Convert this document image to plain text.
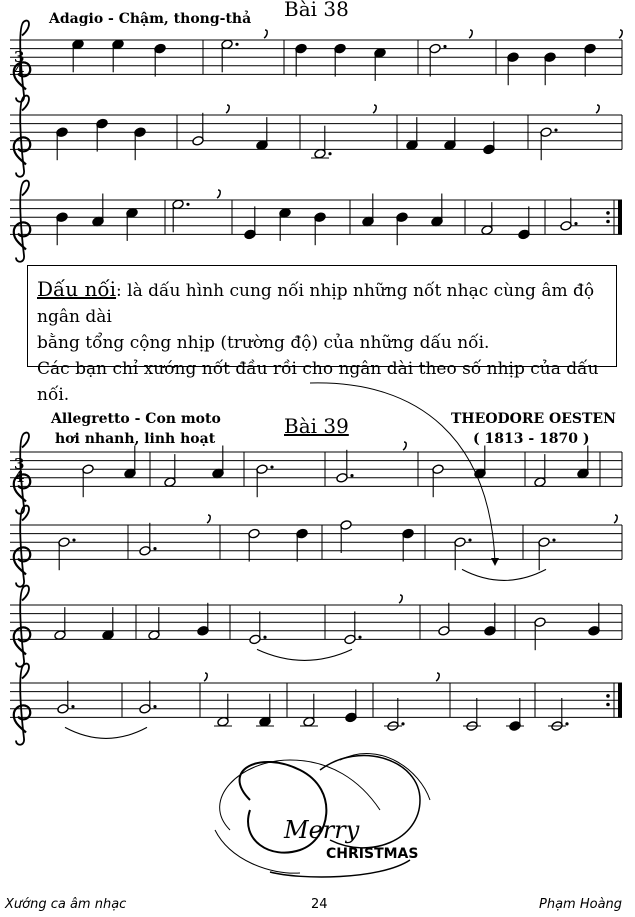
Adagio - Chậm, thong-thả Bài 38
Allegretto - Con moto
hơi nhanh, linh hoạt
Bài 39	THEODORE OESTEN
( 1813 - 1870 )
Dấu nối: là dấu hình cung nối nhịp những nốt nhạc cùng âm độ ngân dài
bằng tổng cộng nhịp (trường độ) của những dấu nối.
Các bạn chỉ xướng nốt đầu rồi cho ngân dài theo số nhịp của dấu nối.
3
4
3
4
Merry
CHRISTMAS
Xướng ca âm nhạc	24	Phạm Hoàng
